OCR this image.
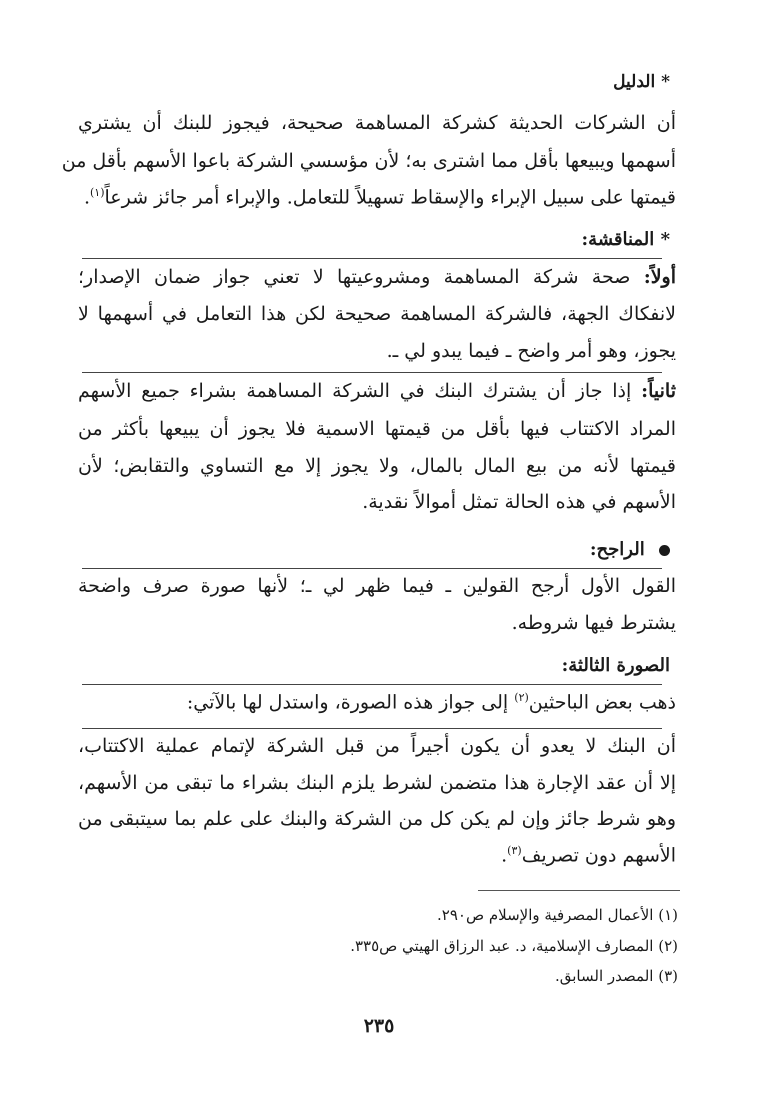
* الدليل
أن الشركات الحديثة كشركة المساهمة صحيحة، فيجوز للبنك أن يشتري
أسهمها ويبيعها بأقل مما اشترى به؛ لأن مؤسسي الشركة باعوا الأسهم بأقل من
قيمتها على سبيل الإبراء والإسقاط تسهيلاً للتعامل. والإبراء أمر جائز شرعاً$^{(١)}$.
* المناقشة:
أولاً: صحة شركة المساهمة ومشروعيتها لا تعني جواز ضمان الإصدار؛
لانفكاك الجهة، فالشركة المساهمة صحيحة لكن هذا التعامل في أسهمها لا
يجوز، وهو أمر واضح ـ فيما يبدو لي ـ.
ثانياً: إذا جاز أن يشترك البنك في الشركة المساهمة بشراء جميع الأسهم
المراد الاكتتاب فيها بأقل من قيمتها الاسمية فلا يجوز أن يبيعها بأكثر من
قيمتها لأنه من بيع المال بالمال، ولا يجوز إلا مع التساوي والتقابض؛ لأن
الأسهم في هذه الحالة تمثل أموالاً نقدية.
الراجح:
القول الأول أرجح القولين ـ فيما ظهر لي ـ؛ لأنها صورة صرف واضحة
يشترط فيها شروطه.
الصورة الثالثة:
ذهب بعض الباحثين$^{(٢)}$ إلى جواز هذه الصورة، واستدل لها بالآتي:
أن البنك لا يعدو أن يكون أجيراً من قبل الشركة لإتمام عملية الاكتتاب،
إلا أن عقد الإجارة هذا متضمن لشرط يلزم البنك بشراء ما تبقى من الأسهم،
وهو شرط جائز وإن لم يكن كل من الشركة والبنك على علم بما سيتبقى من
الأسهم دون تصريف$^{(٣)}$.
(١) الأعمال المصرفية والإسلام ص٢٩٠.
(٢) المصارف الإسلامية، د. عبد الرزاق الهيتي ص٣٣٥.
(٣) المصدر السابق.
٢٣٥
